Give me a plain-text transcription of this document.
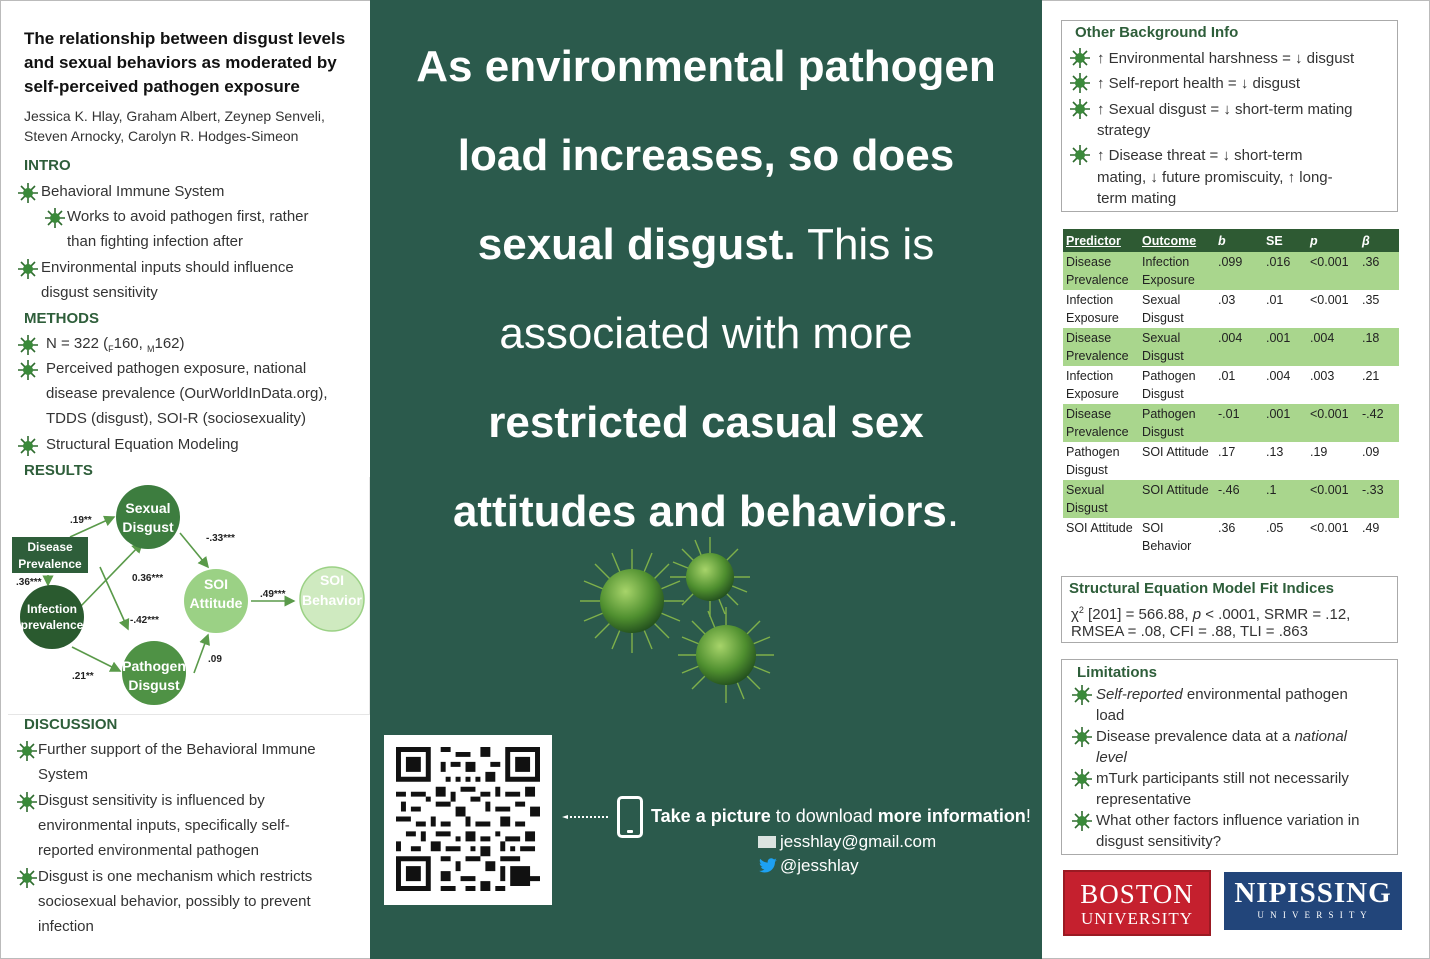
The relationship between disgust levels and sexual behaviors as moderated by self-perceived pathogen exposure
Jessica K. Hlay, Graham Albert, Zeynep Senveli, Steven Arnocky, Carolyn R. Hodges-Simeon
INTRO
Behavioral Immune System
Works to avoid pathogen first, rather
than fighting infection after
Environmental inputs should influence
disgust sensitivity
METHODS
N = 322 ($_F160$, $_M$162)
Perceived pathogen exposure, national
disease prevalence (OurWorldInData.org),
TDDS (disgust), SOI-R (sociosexuality)
Structural Equation Modeling
RESULTS
Disease
Prevalence
Sexual
Disgust
Infection
prevalence
Pathogen
Disgust
SOI
Attitude
SOI
Behavior
.19**
.36***
-.33***
0.36***
-.42***
.21**
.09
.49***
DISCUSSION
Further support of the Behavioral Immune
System
Disgust sensitivity is influenced by
environmental inputs, specifically self-
reported environmental pathogen
Disgust is one mechanism which restricts
sociosexual behavior, possibly to prevent
infection
As environmental pathogen
load increases, so does
sexual disgust. This is
associated with more
restricted casual sex
attitudes and behaviors.
Take a picture to download more information!
jesshlay@gmail.com
@jesshlay
Other Background Info
↑ Environmental harshness = ↓ disgust
↑ Self-report health = ↓ disgust
↑ Sexual disgust = ↓ short-term mating
strategy
↑ Disease threat = ↓ short-term
mating, ↓ future promiscuity, ↑ long-
term mating
Predictor	Outcome	b	SE	p	β
Disease Prevalence	Infection Exposure	.099	.016	<0.001	.36
Infection Exposure	Sexual Disgust	.03	.01	<0.001	.35
Disease Prevalence	Sexual Disgust	.004	.001	.004	.18
Infection Exposure	Pathogen Disgust	.01	.004	.003	.21
Disease Prevalence	Pathogen Disgust	-.01	.001	<0.001	-.42
Pathogen Disgust	SOI Attitude	.17	.13	.19	.09
Sexual Disgust	SOI Attitude	-.46	.1	<0.001	-.33
SOI Attitude	SOI Behavior	.36	.05	<0.001	.49
Structural Equation Model Fit Indices
$\chi^2$ [201] = 566.88, p < .0001, SRMR = .12,
RMSEA = .08, CFI = .88, TLI = .863
Limitations
Self-reported environmental pathogen
load
Disease prevalence data at a national
level
mTurk participants still not necessarily
representative
What other factors influence variation in
disgust sensitivity?
BOSTON
UNIVERSITY
NIPISSING
U N I V E R S I T Y
